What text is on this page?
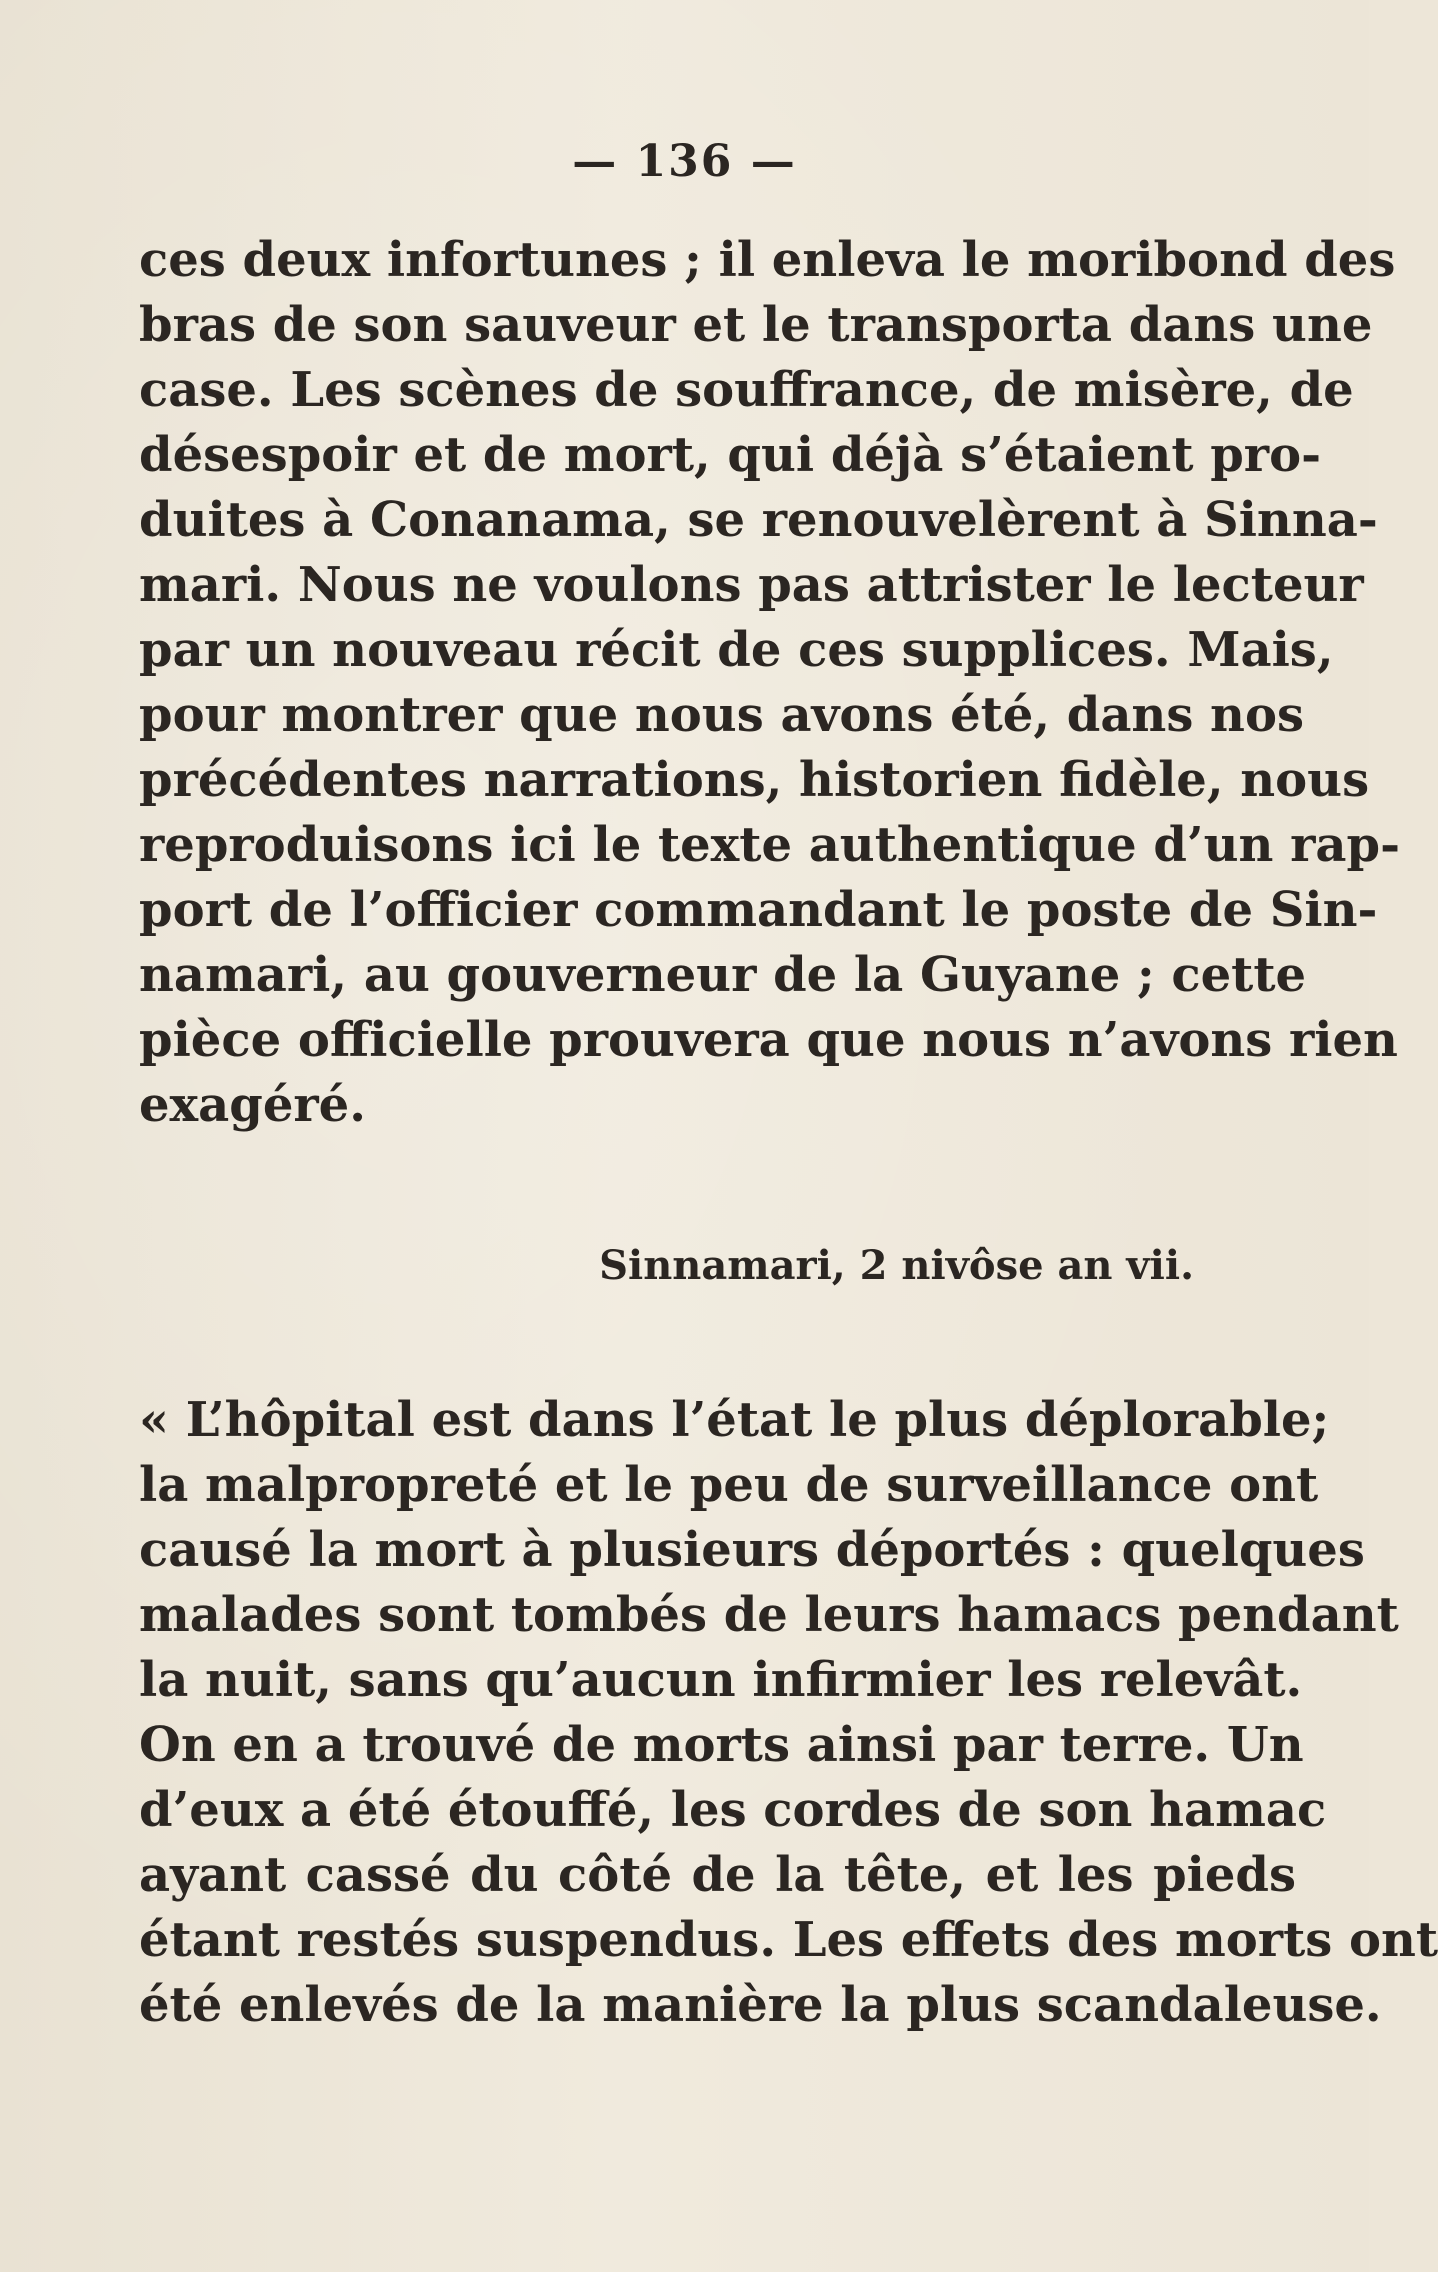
— 136 —
ces deux infortunes ; il enleva le moribond des
bras de son sauveur et le transporta dans une
case. Les scènes de souffrance, de misère, de
désespoir et de mort, qui déjà s’étaient pro-
duites à Conanama, se renouvelèrent à Sinna-
mari. Nous ne voulons pas attrister le lecteur
par un nouveau récit de ces supplices. Mais,
pour montrer que nous avons été, dans nos
précédentes narrations, historien fidèle, nous
reproduisons ici le texte authentique d’un rap-
port de l’officier commandant le poste de Sin-
namari, au gouverneur de la Guyane ; cette
pièce officielle prouvera que nous n’avons rien
exagéré.
Sinnamari, 2 nivôse an vii.
« L’hôpital est dans l’état le plus déplorable;
la malpropreté et le peu de surveillance ont
causé la mort à plusieurs déportés : quelques
malades sont tombés de leurs hamacs pendant
la nuit, sans qu’aucun infirmier les relevât.
On en a trouvé de morts ainsi par terre. Un
d’eux a été étouffé, les cordes de son hamac
ayant cassé du côté de la tête, et les pieds
étant restés suspendus. Les effets des morts ont
été enlevés de la manière la plus scandaleuse.
